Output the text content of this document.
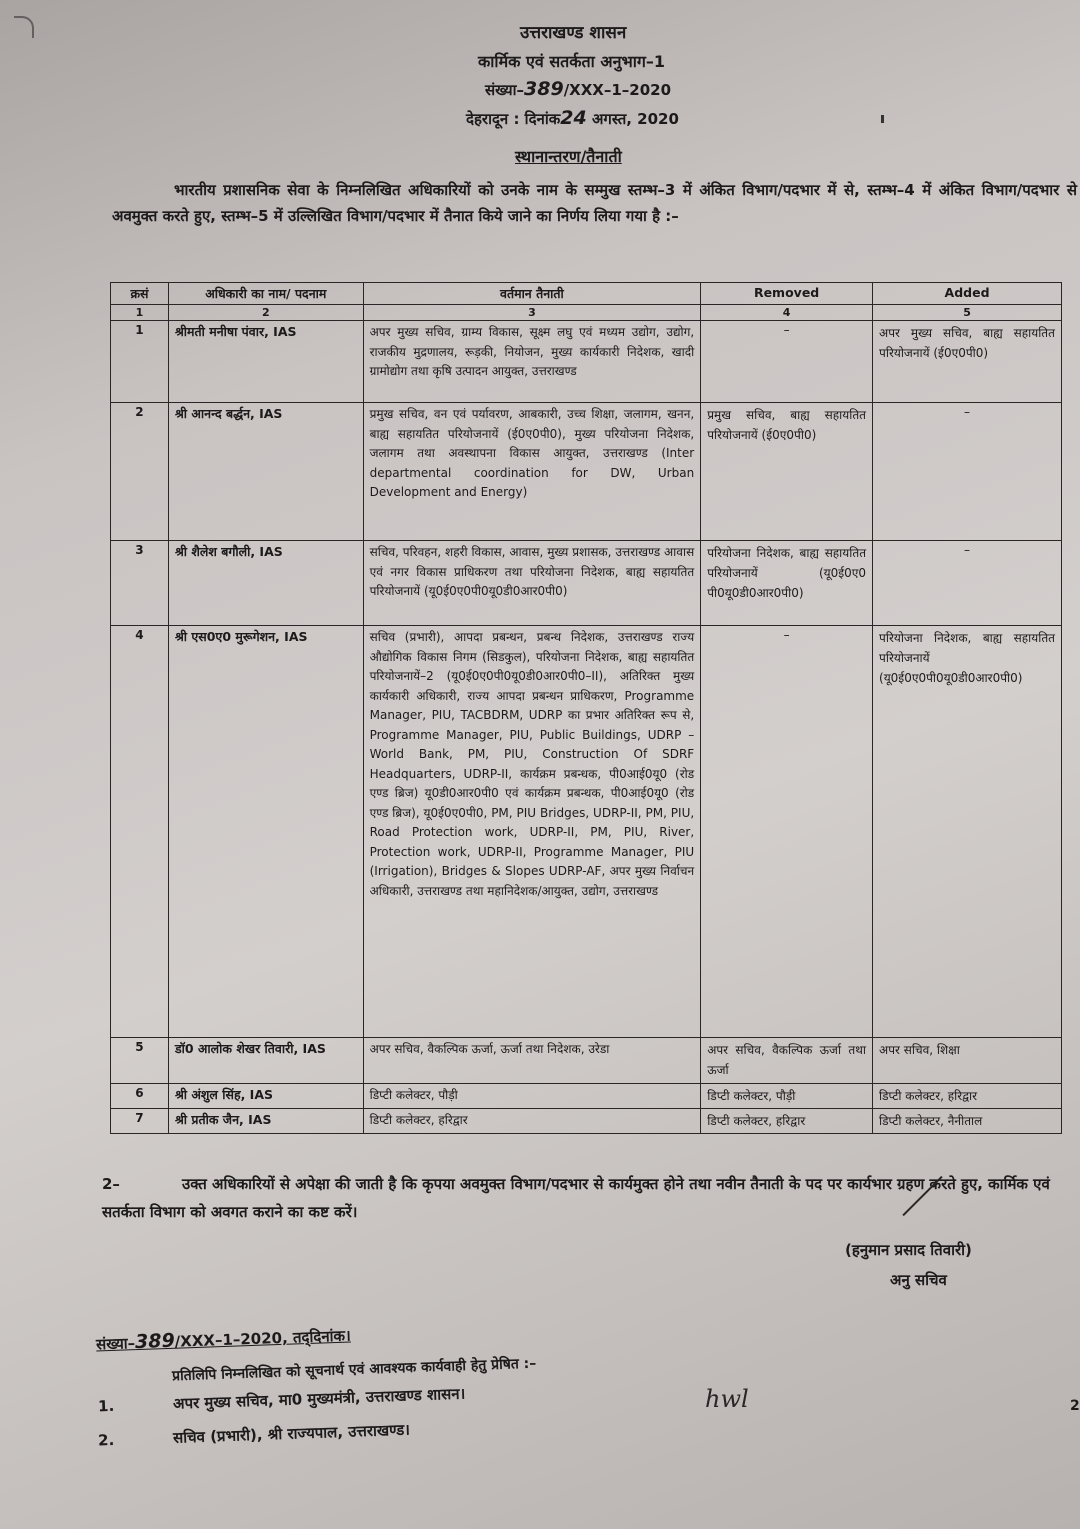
उत्तराखण्ड शासन
कार्मिक एवं सतर्कता अनुभाग–1
संख्या–389/XXX–1–2020
देहरादून : दिनांक24 अगस्त, 2020
स्थानान्तरण/तैनाती
भारतीय प्रशासनिक सेवा के निम्नलिखित अधिकारियों को उनके नाम के सम्मुख स्तम्भ–3 में अंकित विभाग/पदभार में से, स्तम्भ–4 में अंकित विभाग/पदभार से अवमुक्त करते हुए, स्तम्भ–5 में उल्लिखित विभाग/पदभार में तैनात किये जाने का निर्णय लिया गया है :–
क्रसं	अधिकारी का नाम/ पदनाम	वर्तमान तैनाती	Removed	Added
1	2	3	4	5
1	श्रीमती मनीषा पंवार, IAS	अपर मुख्य सचिव, ग्राम्य विकास, सूक्ष्म लघु एवं मध्यम उद्योग, उद्योग, राजकीय मुद्रणालय, रूड़की, नियोजन, मुख्य कार्यकारी निदेशक, खादी ग्रामोद्योग तथा कृषि उत्पादन आयुक्त, उत्तराखण्ड	–	अपर मुख्य सचिव, बाह्य सहायतित परियोजनायें (ई0ए0पी0)
2	श्री आनन्द बर्द्धन, IAS	प्रमुख सचिव, वन एवं पर्यावरण, आबकारी, उच्च शिक्षा, जलागम, खनन, बाह्य सहायतित परियोजनायें (ई0ए0पी0), मुख्य परियोजना निदेशक, जलागम तथा अवस्थापना विकास आयुक्त, उत्तराखण्ड (Inter departmental coordination for DW, Urban Development and Energy)	प्रमुख सचिव, बाह्य सहायतित परियोजनायें (ई0ए0पी0)	–
3	श्री शैलेश बगौली, IAS	सचिव, परिवहन, शहरी विकास, आवास, मुख्य प्रशासक, उत्तराखण्ड आवास एवं नगर विकास प्राधिकरण तथा परियोजना निदेशक, बाह्य सहायतित परियोजनायें (यू0ई0ए0पी0यू0डी0आर0पी0)	परियोजना निदेशक, बाह्य सहायतित परियोजनायें (यू0ई0ए0 पी0यू0डी0आर0पी0)	–
4	श्री एस0ए0 मुरूगेशन, IAS	सचिव (प्रभारी), आपदा प्रबन्धन, प्रबन्ध निदेशक, उत्तराखण्ड राज्य औद्योगिक विकास निगम (सिडकुल), परियोजना निदेशक, बाह्य सहायतित परियोजनायें–2 (यू0ई0ए0पी0यू0डी0आर0पी0–II), अतिरिक्त मुख्य कार्यकारी अधिकारी, राज्य आपदा प्रबन्धन प्राधिकरण, Programme Manager, PIU, TACBDRM, UDRP का प्रभार अतिरिक्त रूप से, Programme Manager, PIU, Public Buildings, UDRP –World Bank, PM, PIU, Construction Of SDRF Headquarters, UDRP-II, कार्यक्रम प्रबन्धक, पी0आई0यू0 (रोड एण्ड ब्रिज) यू0डी0आर0पी0 एवं कार्यक्रम प्रबन्धक, पी0आई0यू0 (रोड एण्ड ब्रिज), यू0ई0ए0पी0, PM, PIU Bridges, UDRP-II, PM, PIU, Road Protection work, UDRP-II, PM, PIU, River, Protection work, UDRP-II, Programme Manager, PIU (Irrigation), Bridges & Slopes UDRP-AF, अपर मुख्य निर्वाचन अधिकारी, उत्तराखण्ड तथा महानिदेशक/आयुक्त, उद्योग, उत्तराखण्ड	–	परियोजना निदेशक, बाह्य सहायतित परियोजनायें (यू0ई0ए0पी0यू0डी0आर0पी0)
5	डॉ0 आलोक शेखर तिवारी, IAS	अपर सचिव, वैकल्पिक ऊर्जा, ऊर्जा तथा निदेशक, उरेडा	अपर सचिव, वैकल्पिक ऊर्जा तथा ऊर्जा	अपर सचिव, शिक्षा
6	श्री अंशुल सिंह, IAS	डिप्टी कलेक्टर, पौड़ी	डिप्टी कलेक्टर, पौड़ी	डिप्टी कलेक्टर, हरिद्वार
7	श्री प्रतीक जैन, IAS	डिप्टी कलेक्टर, हरिद्वार	डिप्टी कलेक्टर, हरिद्वार	डिप्टी कलेक्टर, नैनीताल
2–	उक्त अधिकारियों से अपेक्षा की जाती है कि कृपया अवमुक्त विभाग/पदभार से कार्यमुक्त होने तथा नवीन तैनाती के पद पर कार्यभार ग्रहण करते हुए, कार्मिक एवं सतर्कता विभाग को अवगत कराने का कष्ट करें।
(हनुमान प्रसाद तिवारी)
अनु सचिव
संख्या–389/XXX–1–2020, तद्‌दिनांक।
प्रतिलिपि निम्नलिखित को सूचनार्थ एवं आवश्यक कार्यवाही हेतु प्रेषित :–
1.	अपर मुख्य सचिव, मा0 मुख्यमंत्री, उत्तराखण्ड शासन।
2.	सचिव (प्रभारी), श्री राज्यपाल, उत्तराखण्ड।
hwl	2
